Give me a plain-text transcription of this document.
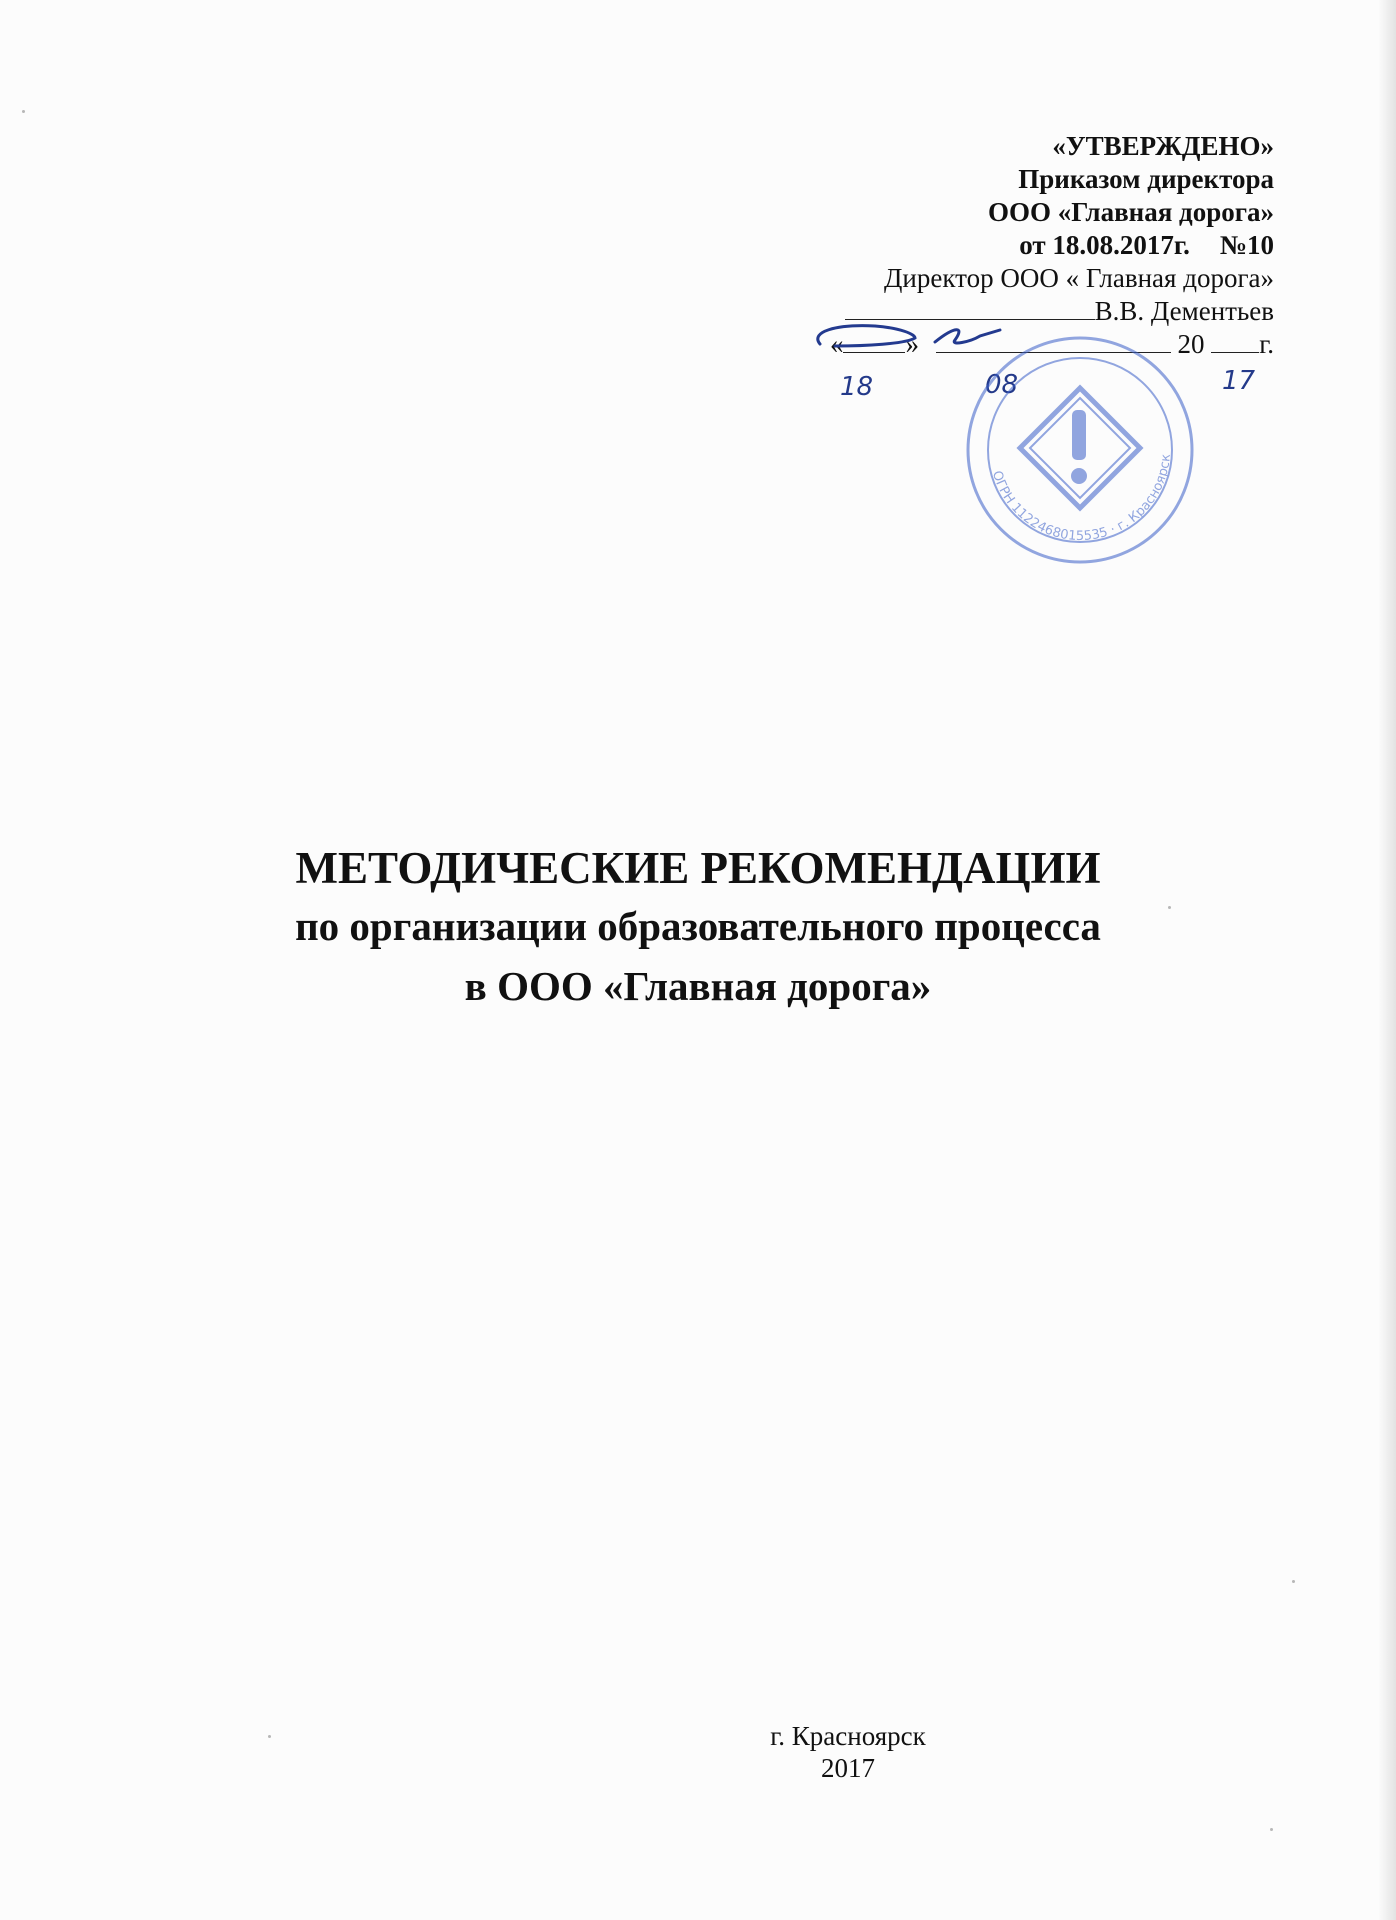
«УТВЕРЖДЕНО»
Приказом директора
ООО «Главная дорога»
от 18.08.2017г. №10
Директор ООО « Главная дорога»
В.В. Дементьев
« »	20 г.
18	08	17
ОГРН 1122468015535 · г. Красноярск
МЕТОДИЧЕСКИЕ РЕКОМЕНДАЦИИ
по организации образовательного процесса
в ООО «Главная дорога»
г. Красноярск
2017
